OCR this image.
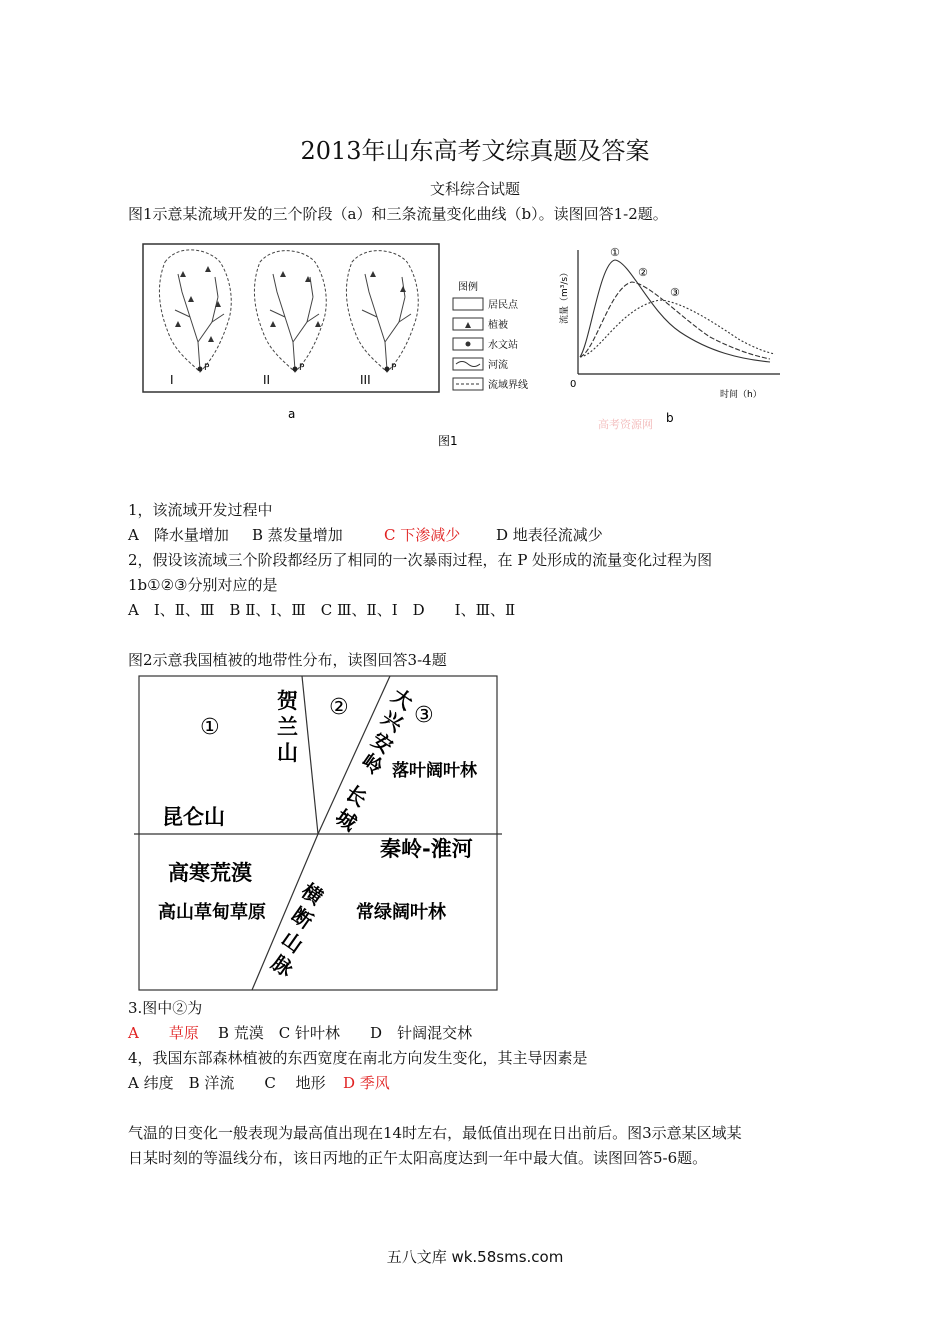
2013年山东高考文综真题及答案
文科综合试题
图1示意某流域开发的三个阶段（a）和三条流量变化曲线（b）。读图回答1-2题。
I	II	III
P	P	P
图例
居民点
植被
水文站
河流
流域界线
a
图1
0
时间（h）
流量（m³/s）
①
②
③
b
高考资源网
1，该流域开发过程中
A　降水量增加 B 蒸发量增加	C 下渗减少 D 地表径流减少
2，假设该流域三个阶段都经历了相同的一次暴雨过程，在 P 处形成的流量变化过程为图
1b①②③分别对应的是
A　Ⅰ、Ⅱ、Ⅲ　B Ⅱ、Ⅰ、Ⅲ　C Ⅲ、Ⅱ、Ⅰ　D　　Ⅰ、Ⅲ、Ⅱ
图2示意我国植被的地带性分布，读图回答3-4题
①
②	③
贺
兰
山
大
兴
安
岭
长
城
横
断
山
脉
昆仑山
落叶阔叶林
秦岭-淮河
高寒荒漠
高山草甸草原	常绿阔叶林
3.图中②为
A　　草原 B 荒漠　C 针叶林　　D　针阔混交林
4，我国东部森林植被的东西宽度在南北方向发生变化，其主导因素是
A 纬度　B 洋流　　C　 地形 D 季风
气温的日变化一般表现为最高值出现在14时左右，最低值出现在日出前后。图3示意某区域某
日某时刻的等温线分布，该日丙地的正午太阳高度达到一年中最大值。读图回答5-6题。
五八文库 wk.58sms.com
